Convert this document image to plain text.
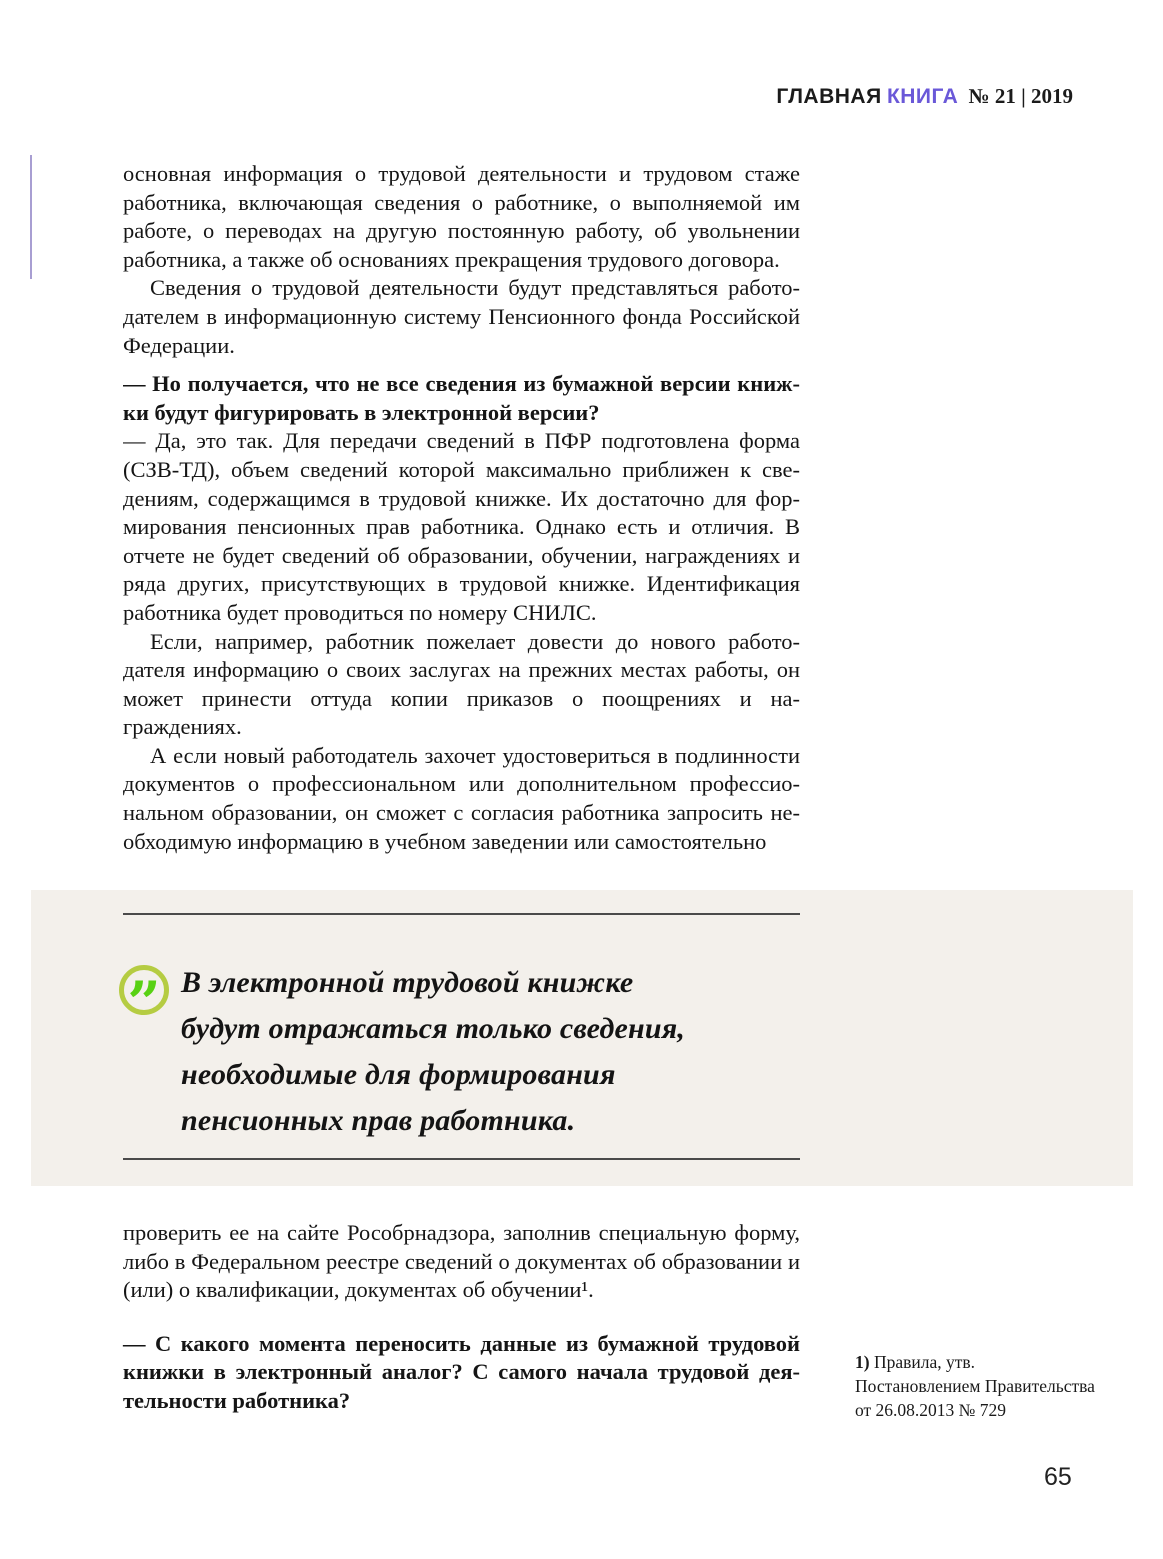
ГЛАВНАЯ КНИГА № 21 | 2019

основная информация о трудовой деятельности и трудовом стаже работника, включающая сведения о работнике, о выполняемой им работе, о переводах на другую постоянную работу, об увольнении работника, а также об основаниях прекращения трудового договора.

Сведения о трудовой деятельности будут представляться работодателем в информационную систему Пенсионного фонда Российской Федерации.

— Но получается, что не все сведения из бумажной версии книжки будут фигурировать в электронной версии?

— Да, это так. Для передачи сведений в ПФР подготовлена форма (СЗВ-ТД), объем сведений которой максимально приближен к сведениям, содержащимся в трудовой книжке. Их достаточно для формирования пенсионных прав работника. Однако есть и отличия. В отчете не будет сведений об образовании, обучении, награждениях и ряда других, присутствующих в трудовой книжке. Идентификация работника будет проводиться по номеру СНИЛС.

Если, например, работник пожелает довести до нового работодателя информацию о своих заслугах на прежних местах работы, он может принести оттуда копии приказов о поощрениях и награждениях.

А если новый работодатель захочет удостовериться в подлинности документов о профессиональном или дополнительном профессиональном образовании, он сможет с согласия работника запросить необходимую информацию в учебном заведении или самостоятельно

” В электронной трудовой книжке
будут отражаться только сведения,
необходимые для формирования
пенсионных прав работника.

проверить ее на сайте Рособрнадзора, заполнив специальную форму, либо в Федеральном реестре сведений о документах об образовании и (или) о квалификации, документах об обучении¹.

— С какого момента переносить данные из бумажной трудовой книжки в электронный аналог? С самого начала трудовой деятельности работника?

1) Правила, утв. Постановлением Правительства от 26.08.2013 № 729
65
